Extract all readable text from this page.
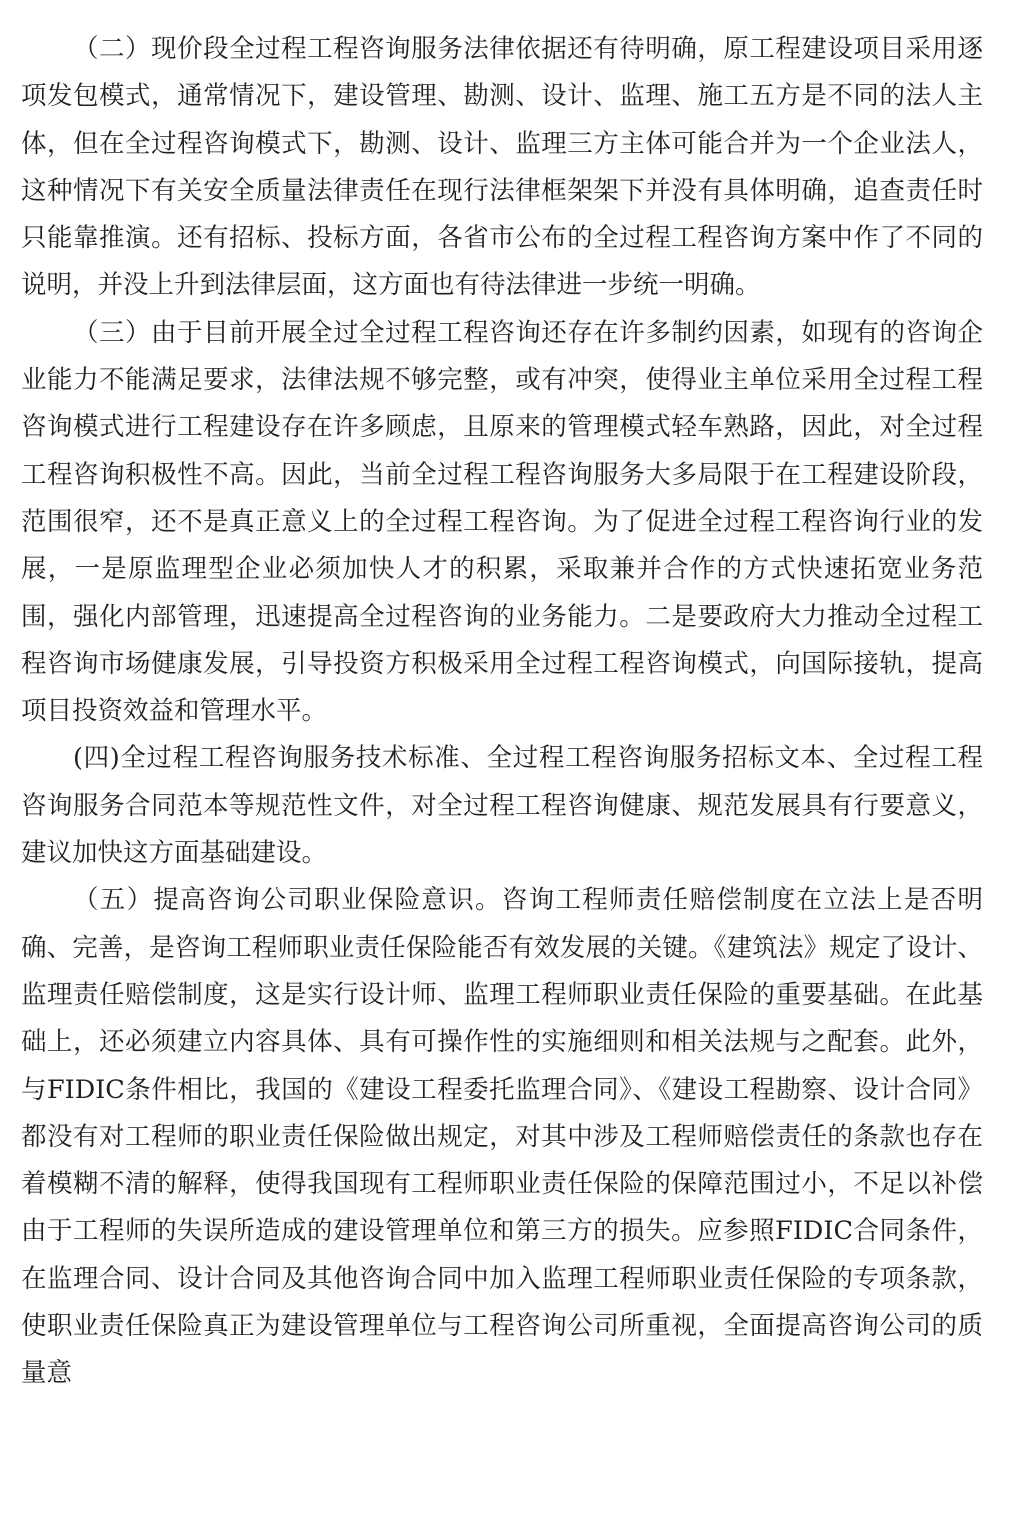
（二）现价段全过程工程咨询服务法律依据还有待明确，原工程建设项目采用逐项发包模式，通常情况下，建设管理、勘测、设计、监理、施工五方是不同的法人主体，但在全过程咨询模式下，勘测、设计、监理三方主体可能合并为一个企业法人，这种情况下有关安全质量法律责任在现行法律框架架下并没有具体明确，追查责任时只能靠推演。还有招标、投标方面，各省市公布的全过程工程咨询方案中作了不同的说明，并没上升到法律层面，这方面也有待法律进一步统一明确。

（三）由于目前开展全过全过程工程咨询还存在许多制约因素，如现有的咨询企业能力不能满足要求，法律法规不够完整，或有冲突，使得业主单位采用全过程工程咨询模式进行工程建设存在许多顾虑，且原来的管理模式轻车熟路，因此，对全过程工程咨询积极性不高。因此，当前全过程工程咨询服务大多局限于在工程建设阶段，范围很窄，还不是真正意义上的全过程工程咨询。为了促进全过程工程咨询行业的发展，一是原监理型企业必须加快人才的积累，采取兼并合作的方式快速拓宽业务范围，强化内部管理，迅速提高全过程咨询的业务能力。二是要政府大力推动全过程工程咨询市场健康发展，引导投资方积极采用全过程工程咨询模式，向国际接轨，提高项目投资效益和管理水平。

(四)全过程工程咨询服务技术标准、全过程工程咨询服务招标文本、全过程工程咨询服务合同范本等规范性文件，对全过程工程咨询健康、规范发展具有行要意义，建议加快这方面基础建设。

（五）提高咨询公司职业保险意识。咨询工程师责任赔偿制度在立法上是否明确、完善，是咨询工程师职业责任保险能否有效发展的关键。《建筑法》规定了设计、监理责任赔偿制度，这是实行设计师、监理工程师职业责任保险的重要基础。在此基础上，还必须建立内容具体、具有可操作性的实施细则和相关法规与之配套。此外，与FIDIC条件相比，我国的《建设工程委托监理合同》、《建设工程勘察、设计合同》都没有对工程师的职业责任保险做出规定，对其中涉及工程师赔偿责任的条款也存在着模糊不清的解释，使得我国现有工程师职业责任保险的保障范围过小，不足以补偿由于工程师的失误所造成的建设管理单位和第三方的损失。应参照FIDIC合同条件，在监理合同、设计合同及其他咨询合同中加入监理工程师职业责任保险的专项条款，使职业责任保险真正为建设管理单位与工程咨询公司所重视，全面提高咨询公司的质量意
